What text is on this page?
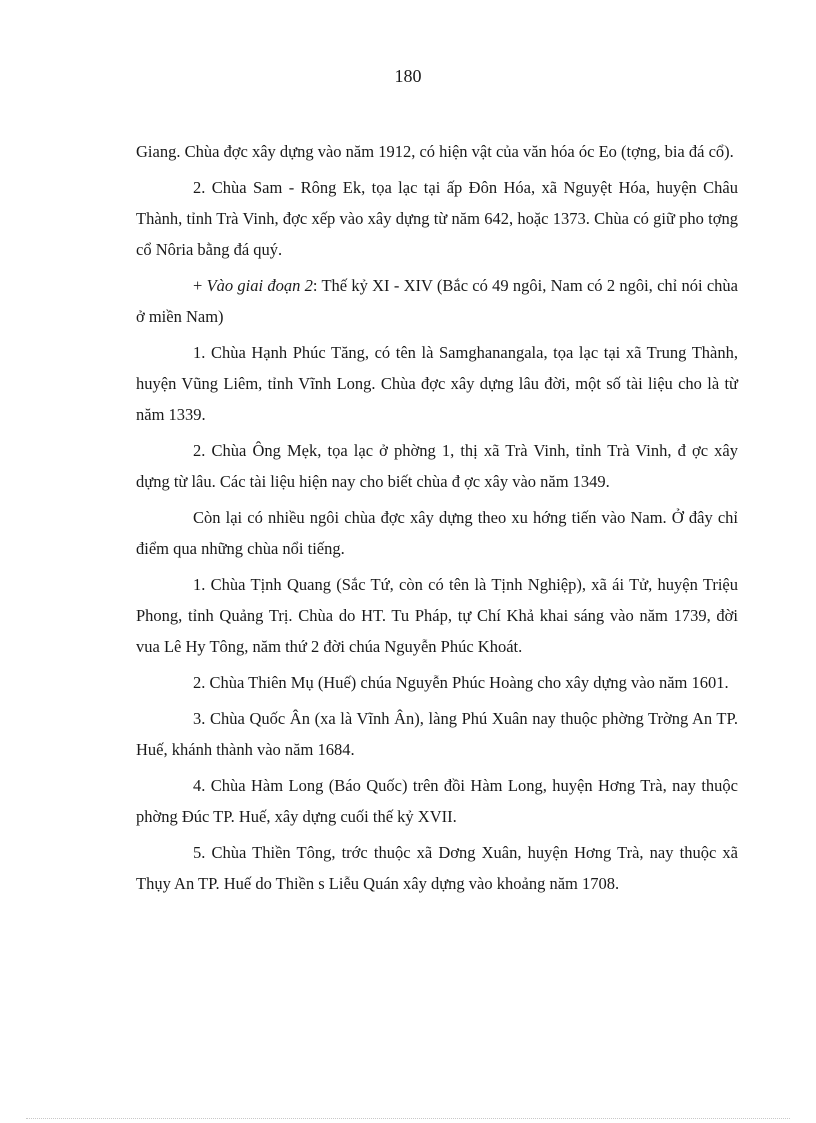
180

Giang. Chùa đợc xây dựng vào năm 1912, có hiện vật của văn hóa óc Eo (tợng, bia đá cổ).

2. Chùa Sam - Rông Ek, tọa lạc tại ấp Đôn Hóa, xã Nguyệt Hóa, huyện Châu Thành, tỉnh Trà Vinh, đợc xếp vào xây dựng từ năm 642, hoặc 1373. Chùa có giữ pho tợng cổ Nôria bằng đá quý.

+ Vào giai đoạn 2: Thế kỷ XI - XIV (Bắc có 49 ngôi, Nam có 2 ngôi, chỉ nói chùa ở miền Nam)

1. Chùa Hạnh Phúc Tăng, có tên là Samghanangala, tọa lạc tại xã Trung Thành, huyện Vũng Liêm, tỉnh Vĩnh Long. Chùa đợc xây dựng lâu đời, một số tài liệu cho là từ năm 1339.

2. Chùa Ông Mẹk, tọa lạc ở phờng 1, thị xã Trà Vinh, tỉnh Trà Vinh, đ ợc xây dựng từ lâu. Các tài liệu hiện nay cho biết chùa đ ợc xây vào năm 1349.

Còn lại có nhiều ngôi chùa đợc xây dựng theo xu hớng tiến vào Nam. Ở đây chỉ điểm qua những chùa nổi tiếng.

1. Chùa Tịnh Quang (Sắc Tứ, còn có tên là Tịnh Nghiệp), xã ái Tử, huyện Triệu Phong, tỉnh Quảng Trị. Chùa do HT. Tu Pháp, tự Chí Khả khai sáng vào năm 1739, đời vua Lê Hy Tông, năm thứ 2 đời chúa Nguyễn Phúc Khoát.

2. Chùa Thiên Mụ (Huế) chúa Nguyễn Phúc Hoàng cho xây dựng vào năm 1601.

3. Chùa Quốc Ân (xa là Vĩnh Ân), làng Phú Xuân nay thuộc phờng Trờng An TP. Huế, khánh thành vào năm 1684.

4. Chùa Hàm Long (Báo Quốc) trên đồi Hàm Long, huyện Hơng Trà, nay thuộc phờng Đúc TP. Huế, xây dựng cuối thế kỷ XVII.

5. Chùa Thiền Tông, trớc thuộc xã Dơng Xuân, huyện Hơng Trà, nay thuộc xã Thụy An TP. Huế do Thiền s Liễu Quán xây dựng vào khoảng năm 1708.
